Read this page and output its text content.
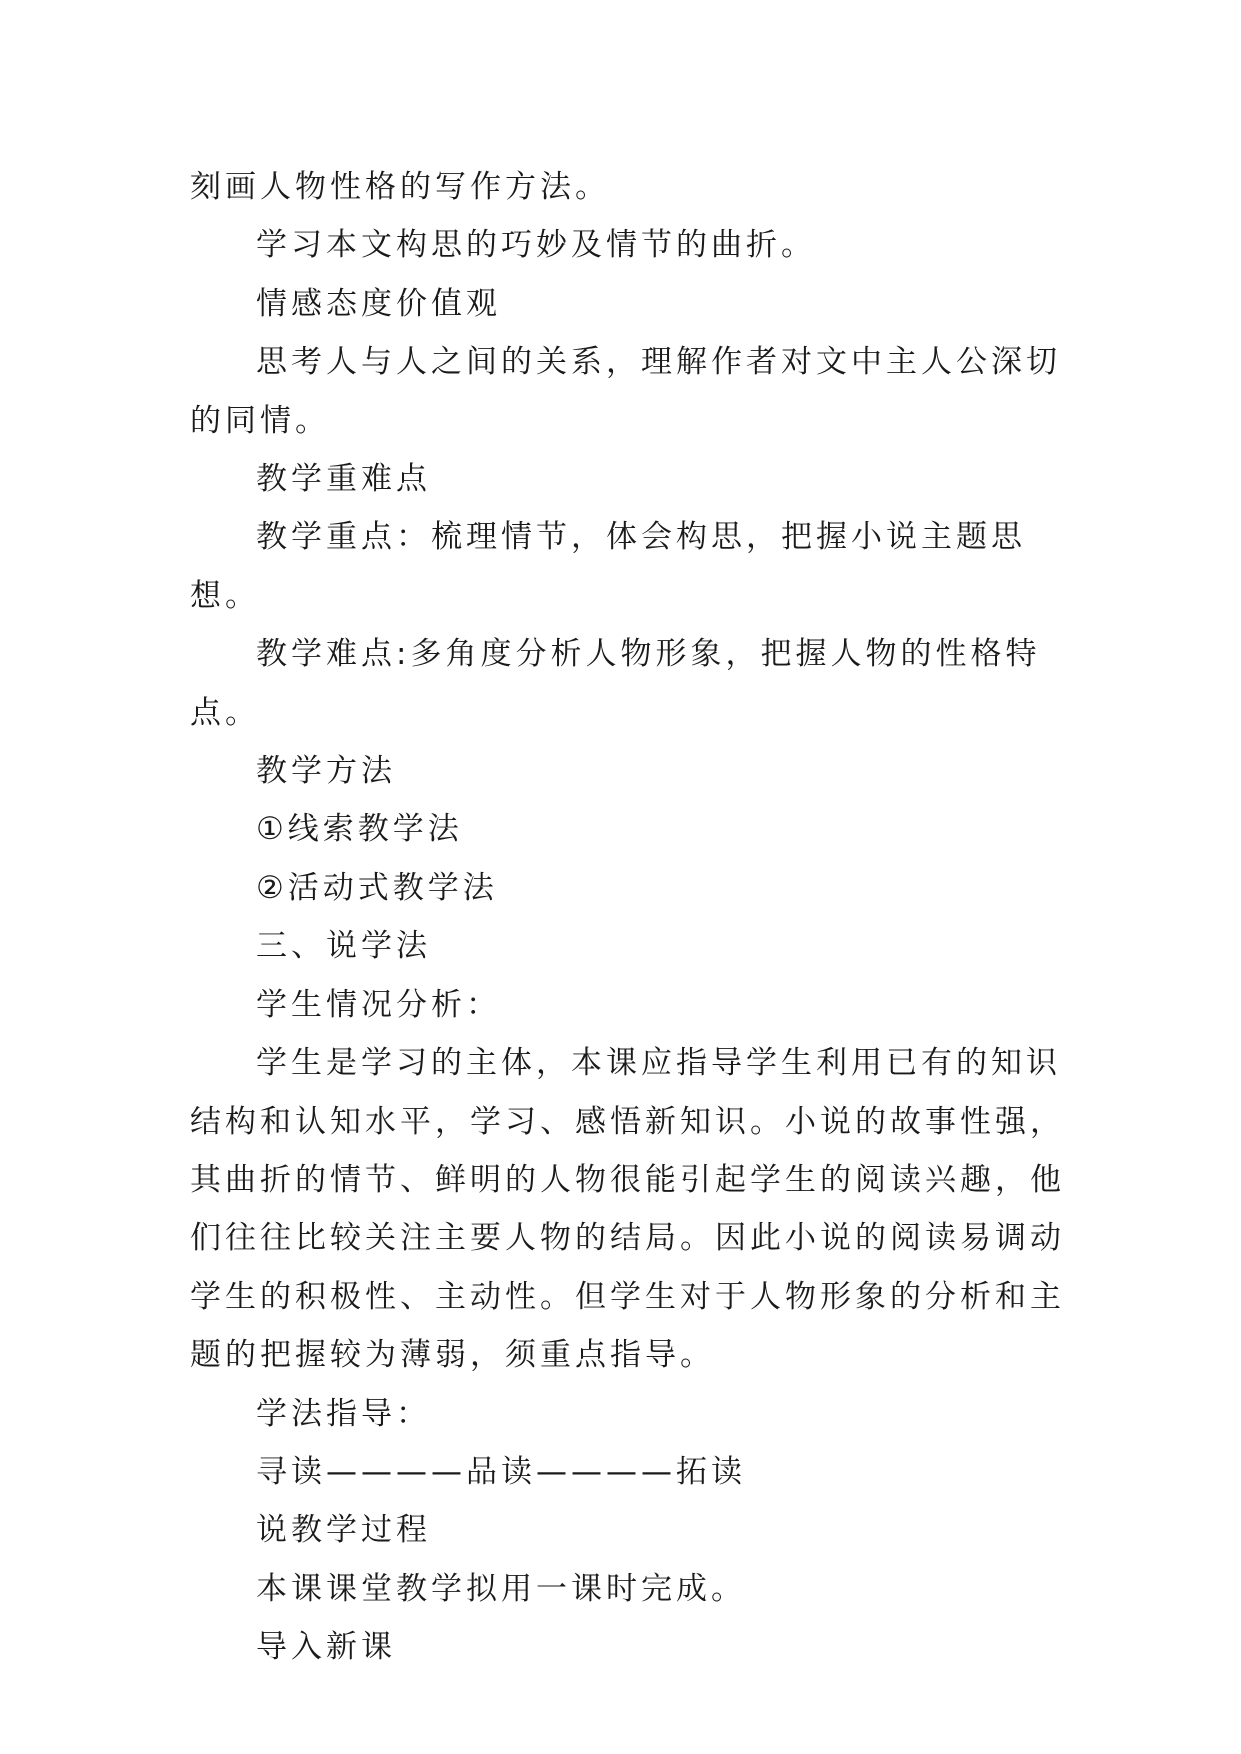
刻画人物性格的写作方法。

学习本文构思的巧妙及情节的曲折。

情感态度价值观

思考人与人之间的关系，理解作者对文中主人公深切的同情。

教学重难点

教学重点：梳理情节，体会构思，把握小说主题思想。

教学难点:多角度分析人物形象，把握人物的性格特点。

教学方法

①线索教学法

②活动式教学法

三、说学法

学生情况分析：

学生是学习的主体，本课应指导学生利用已有的知识结构和认知水平，学习、感悟新知识。小说的故事性强，其曲折的情节、鲜明的人物很能引起学生的阅读兴趣，他们往往比较关注主要人物的结局。因此小说的阅读易调动学生的积极性、主动性。但学生对于人物形象的分析和主题的把握较为薄弱，须重点指导。

学法指导：

寻读————品读————拓读

说教学过程

本课课堂教学拟用一课时完成。

导入新课
